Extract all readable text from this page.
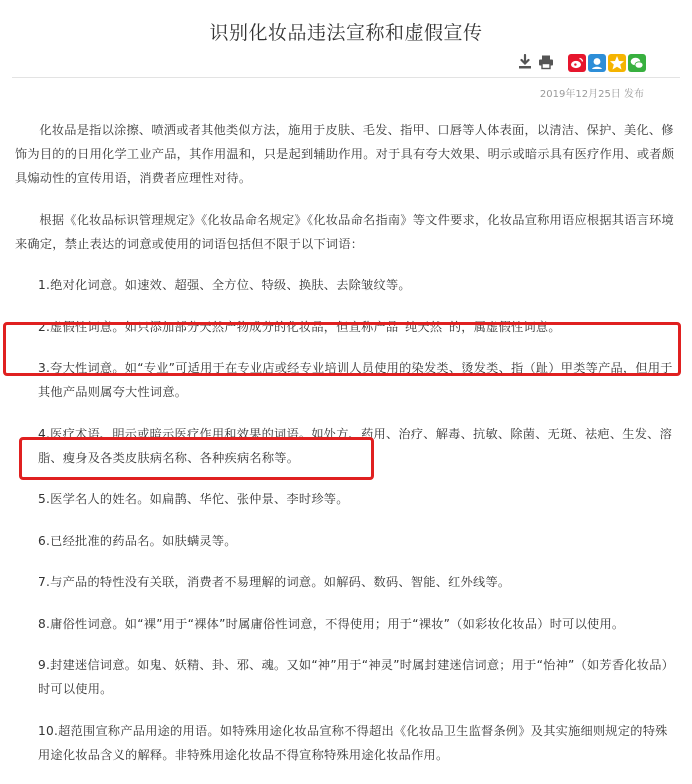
识别化妆品违法宣称和虚假宣传
2019年12月25日 发布

化妆品是指以涂擦、喷洒或者其他类似方法，施用于皮肤、毛发、指甲、口唇等人体表面，以清洁、保护、美化、修饰为目的的日用化学工业产品，其作用温和，只是起到辅助作用。对于具有夸大效果、明示或暗示具有医疗作用、或者颇具煽动性的宣传用语，消费者应理性对待。

根据《化妆品标识管理规定》《化妆品命名规定》《化妆品命名指南》等文件要求，化妆品宣称用语应根据其语言环境来确定，禁止表达的词意或使用的词语包括但不限于以下词语：

1.绝对化词意。如速效、超强、全方位、特级、换肤、去除皱纹等。

2.虚假性词意。如只添加部分天然产物成分的化妆品，但宣称产品“纯天然”的，属虚假性词意。

3.夸大性词意。如“专业”可适用于在专业店或经专业培训人员使用的染发类、烫发类、指（趾）甲类等产品，但用于其他产品则属夸大性词意。

4.医疗术语、明示或暗示医疗作用和效果的词语。如处方、药用、治疗、解毒、抗敏、除菌、无斑、祛疤、生发、溶脂、瘦身及各类皮肤病名称、各种疾病名称等。

5.医学名人的姓名。如扁鹊、华佗、张仲景、李时珍等。

6.已经批准的药品名。如肤螨灵等。

7.与产品的特性没有关联，消费者不易理解的词意。如解码、数码、智能、红外线等。

8.庸俗性词意。如“裸”用于“裸体”时属庸俗性词意，不得使用；用于“裸妆”（如彩妆化妆品）时可以使用。

9.封建迷信词意。如鬼、妖精、卦、邪、魂。又如“神”用于“神灵”时属封建迷信词意；用于“怡神”（如芳香化妆品）时可以使用。

10.超范围宣称产品用途的用语。如特殊用途化妆品宣称不得超出《化妆品卫生监督条例》及其实施细则规定的特殊用途化妆品含义的解释。非特殊用途化妆品不得宣称特殊用途化妆品作用。
